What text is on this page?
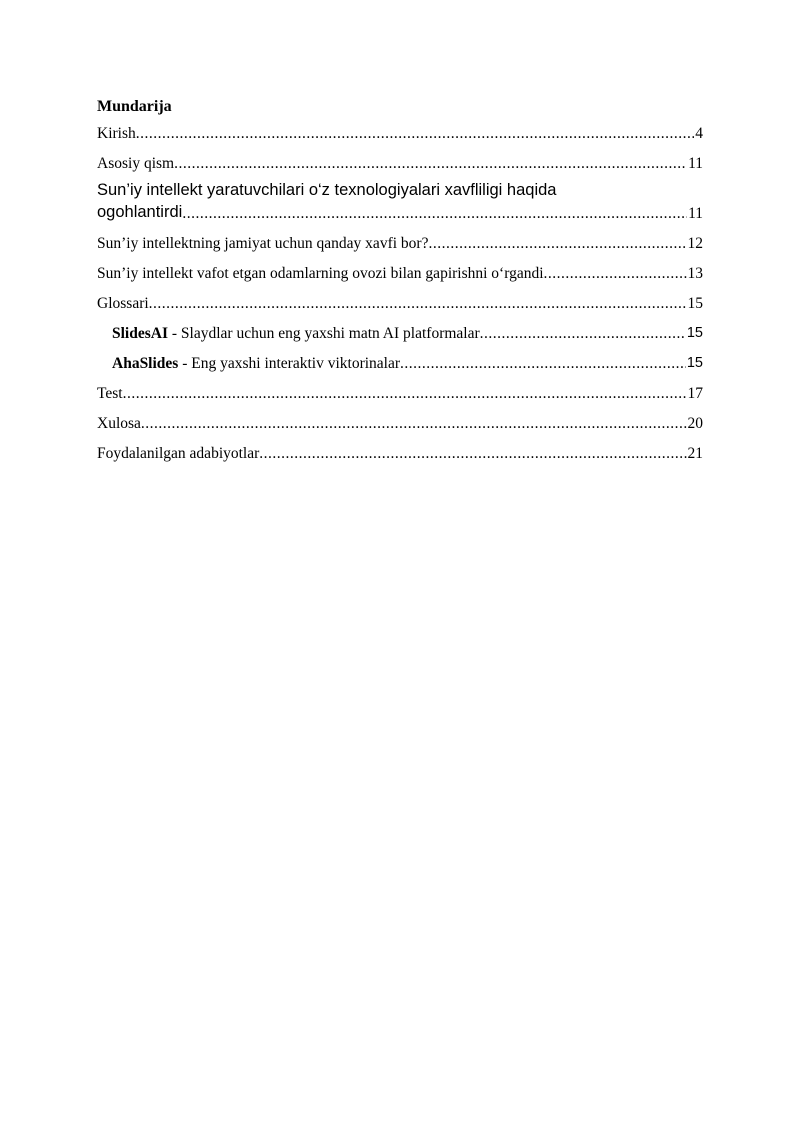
Mundarija
Kirish .....	4
Asosiy qism .....	11
Sun’iy intellekt yaratuvchilari o‘z texnologiyalari xavfliligi haqida
ogohlantirdi .....	11
Sun’iy intellektning jamiyat uchun qanday xavfi bor? .....	12
Sun’iy intellekt vafot etgan odamlarning ovozi bilan gapirishni o‘rgandi .....	13
Glossari .....	15
SlidesAI - Slaydlar uchun eng yaxshi matn AI platformalar .....	15
AhaSlides - Eng yaxshi interaktiv viktorinalar .....	15
Test .....	17
Xulosa .....	20
Foydalanilgan adabiyotlar .....	21
